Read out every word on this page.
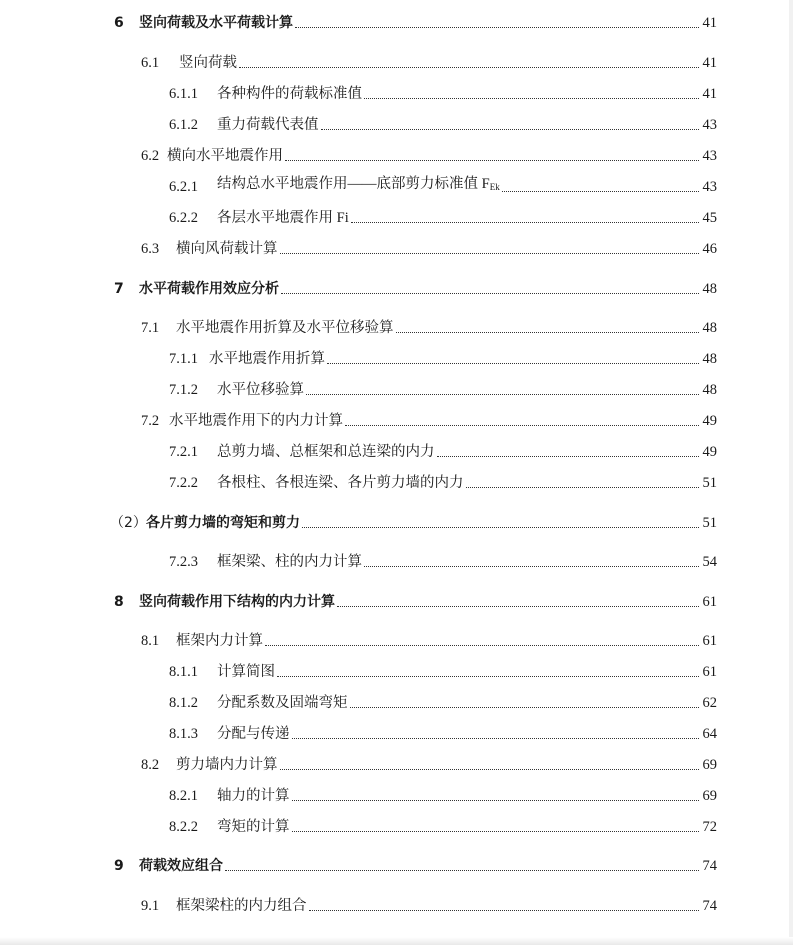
6	竖向荷载及水平荷载计算	41
6.1	竖向荷载	41
6.1.1	各种构件的荷载标准值	41
6.1.2	重力荷载代表值	43
6.2 横向水平地震作用	43
6.2.1	结构总水平地震作用——底部剪力标准值 $F_{Ek}$	43
6.2.2	各层水平地震作用 Fi	45
6.3	横向风荷载计算	46
7	水平荷载作用效应分析	48
7.1	水平地震作用折算及水平位移验算	48
7.1.1 水平地震作用折算	48
7.1.2	水平位移验算	48
7.2 水平地震作用下的内力计算	49
7.2.1	总剪力墙、总框架和总连梁的内力	49
7.2.2	各根柱、各根连梁、各片剪力墙的内力	51
（2） 各片剪力墙的弯矩和剪力	51
7.2.3	框架梁、柱的内力计算	54
8	竖向荷载作用下结构的内力计算	61
8.1	框架内力计算	61
8.1.1	计算简图	61
8.1.2	分配系数及固端弯矩	62
8.1.3	分配与传递	64
8.2	剪力墙内力计算	69
8.2.1	轴力的计算	69
8.2.2	弯矩的计算	72
9	荷载效应组合	74
9.1	框架梁柱的内力组合	74
